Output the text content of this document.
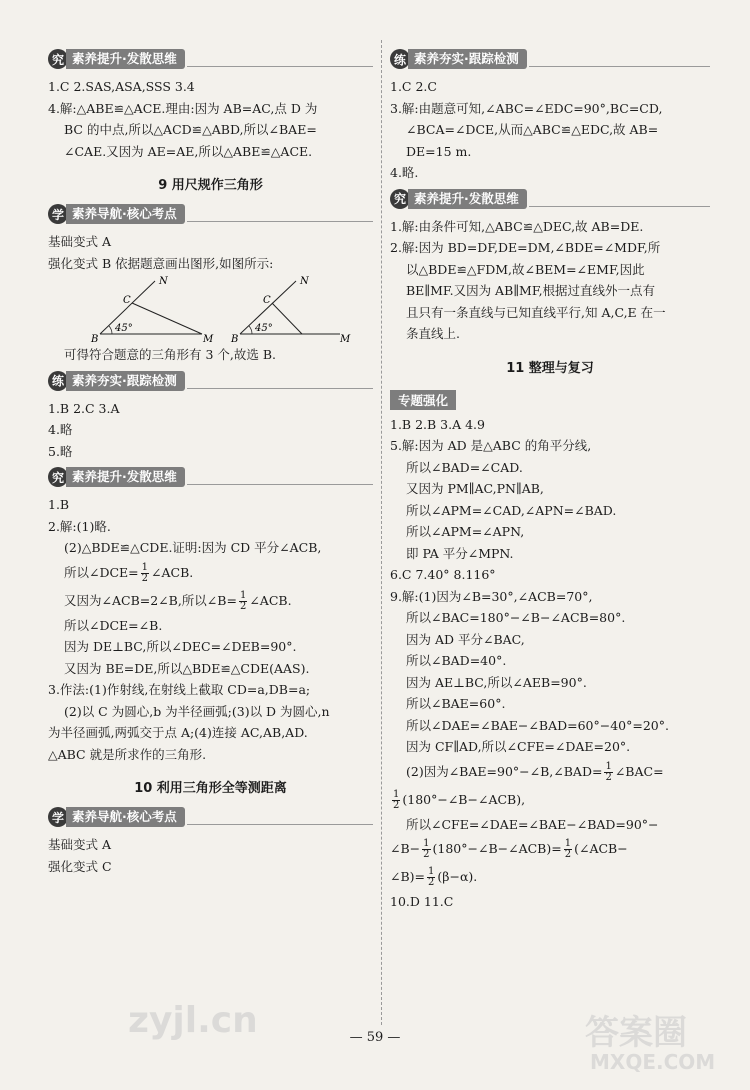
究 素养提升·发散思维
1.C 2.SAS,ASA,SSS 3.4
4.解:△ABE≌△ACE.理由:因为 AB=AC,点 D 为
BC 的中点,所以△ACD≌△ABD,所以∠BAE=
∠CAE.又因为 AE=AE,所以△ABE≌△ACE.
9 用尺规作三角形
学 素养导航·核心考点
基础变式 A
强化变式 B 依据题意画出图形,如图所示:
45°
N
C
B	M
45°
N
C
B	M
可得符合题意的三角形有 3 个,故选 B.
练 素养夯实·跟踪检测
1.B 2.C 3.A
4.略
5.略
究 素养提升·发散思维
1.B
2.解:(1)略.
(2)△BDE≌△CDE.证明:因为 CD 平分∠ACB,
所以∠DCE= $\frac{1}{2}$ ∠ACB.
又因为∠ACB=2∠B,所以∠B= $\frac{1}{2}$ ∠ACB.
所以∠DCE=∠B.
因为 DE⊥BC,所以∠DEC=∠DEB=90°.
又因为 BE=DE,所以△BDE≌△CDE(AAS).
3.作法:(1)作射线,在射线上截取 CD=a,DB=a;
(2)以 C 为圆心,b 为半径画弧;(3)以 D 为圆心,n
为半径画弧,两弧交于点 A;(4)连接 AC,AB,AD.
△ABC 就是所求作的三角形.
10 利用三角形全等测距离
学 素养导航·核心考点
基础变式 A
强化变式 C
练 素养夯实·跟踪检测
1.C 2.C
3.解:由题意可知,∠ABC=∠EDC=90°,BC=CD,
∠BCA=∠DCE,从而△ABC≌△EDC,故 AB=
DE=15 m.
4.略.
究 素养提升·发散思维
1.解:由条件可知,△ABC≌△DEC,故 AB=DE.
2.解:因为 BD=DF,DE=DM,∠BDE=∠MDF,所
以△BDE≌△FDM,故∠BEM=∠EMF,因此
BE∥MF.又因为 AB∥MF,根据过直线外一点有
且只有一条直线与已知直线平行,知 A,C,E 在一
条直线上.
11 整理与复习
专题强化
1.B 2.B 3.A 4.9
5.解:因为 AD 是△ABC 的角平分线,
所以∠BAD=∠CAD.
又因为 PM∥AC,PN∥AB,
所以∠APM=∠CAD,∠APN=∠BAD.
所以∠APM=∠APN,
即 PA 平分∠MPN.
6.C 7.40° 8.116°
9.解:(1)因为∠B=30°,∠ACB=70°,
所以∠BAC=180°−∠B−∠ACB=80°.
因为 AD 平分∠BAC,
所以∠BAD=40°.
因为 AE⊥BC,所以∠AEB=90°.
所以∠BAE=60°.
所以∠DAE=∠BAE−∠BAD=60°−40°=20°.
因为 CF∥AD,所以∠CFE=∠DAE=20°.
(2)因为∠BAE=90°−∠B,∠BAD= $\frac{1}{2}$ ∠BAC=
$\frac{1}{2}$ (180°−∠B−∠ACB),
所以∠CFE=∠DAE=∠BAE−∠BAD=90°−
∠B− $\frac{1}{2}$ (180°−∠B−∠ACB)= $\frac{1}{2}$ (∠ACB−
∠B)= $\frac{1}{2} (\beta-\alpha)$.
10.D 11.C
— 59 —
zyjl.cn	答案圈
MXQE.COM
